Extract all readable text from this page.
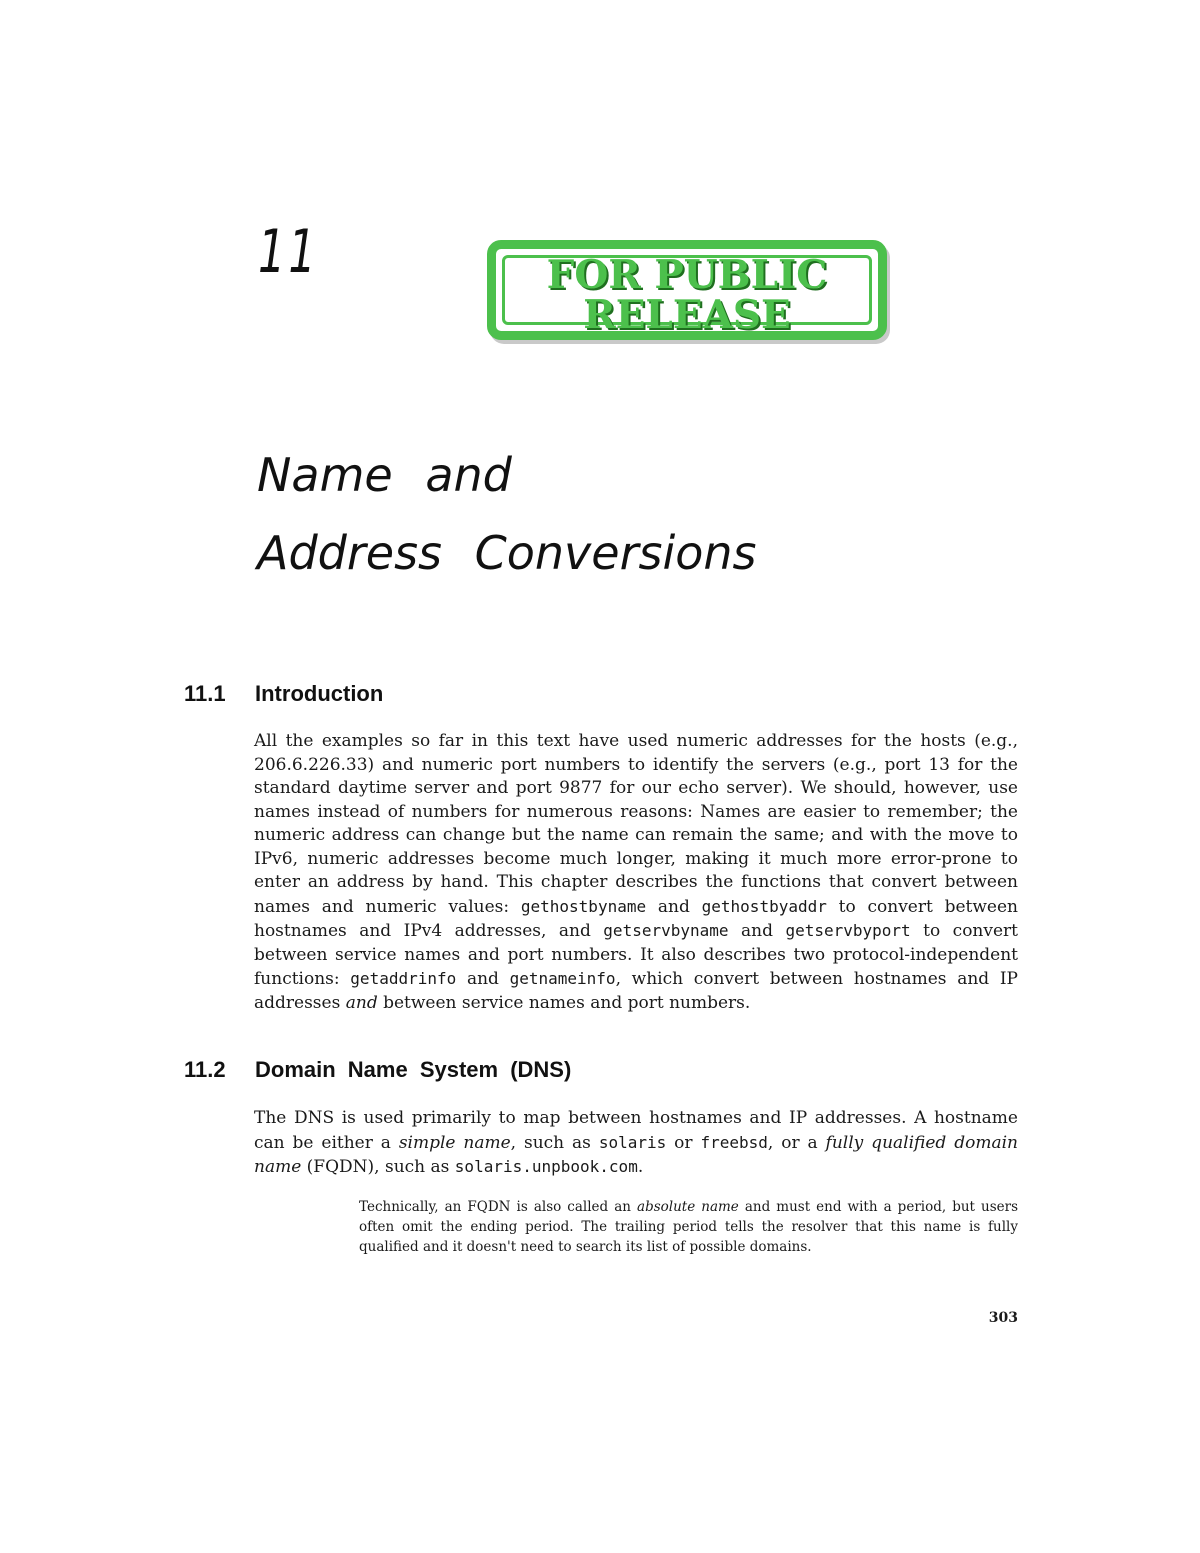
11	FOR PUBLIC
RELEASE
Name and
Address Conversions
11.1 Introduction

All the examples so far in this text have used numeric addresses for the hosts (e.g., 206.6.226.33) and numeric port numbers to identify the servers (e.g., port 13 for the standard daytime server and port 9877 for our echo server). We should, however, use names instead of numbers for numerous reasons: Names are easier to remember; the numeric address can change but the name can remain the same; and with the move to IPv6, numeric addresses become much longer, making it much more error-prone to enter an address by hand. This chapter describes the functions that convert between names and numeric values: gethostbyname and gethostbyaddr to convert between hostnames and IPv4 addresses, and getservbyname and getservbyport to convert between service names and port numbers. It also describes two protocol-independent functions: getaddrinfo and getnameinfo, which convert between hostnames and IP addresses and between service names and port numbers.

11.2 Domain Name System (DNS)

The DNS is used primarily to map between hostnames and IP addresses. A hostname can be either a simple name, such as solaris or freebsd, or a fully qualified domain name (FQDN), such as solaris.unpbook.com.

Technically, an FQDN is also called an absolute name and must end with a period, but users often omit the ending period. The trailing period tells the resolver that this name is fully qualified and it doesn't need to search its list of possible domains.

303
